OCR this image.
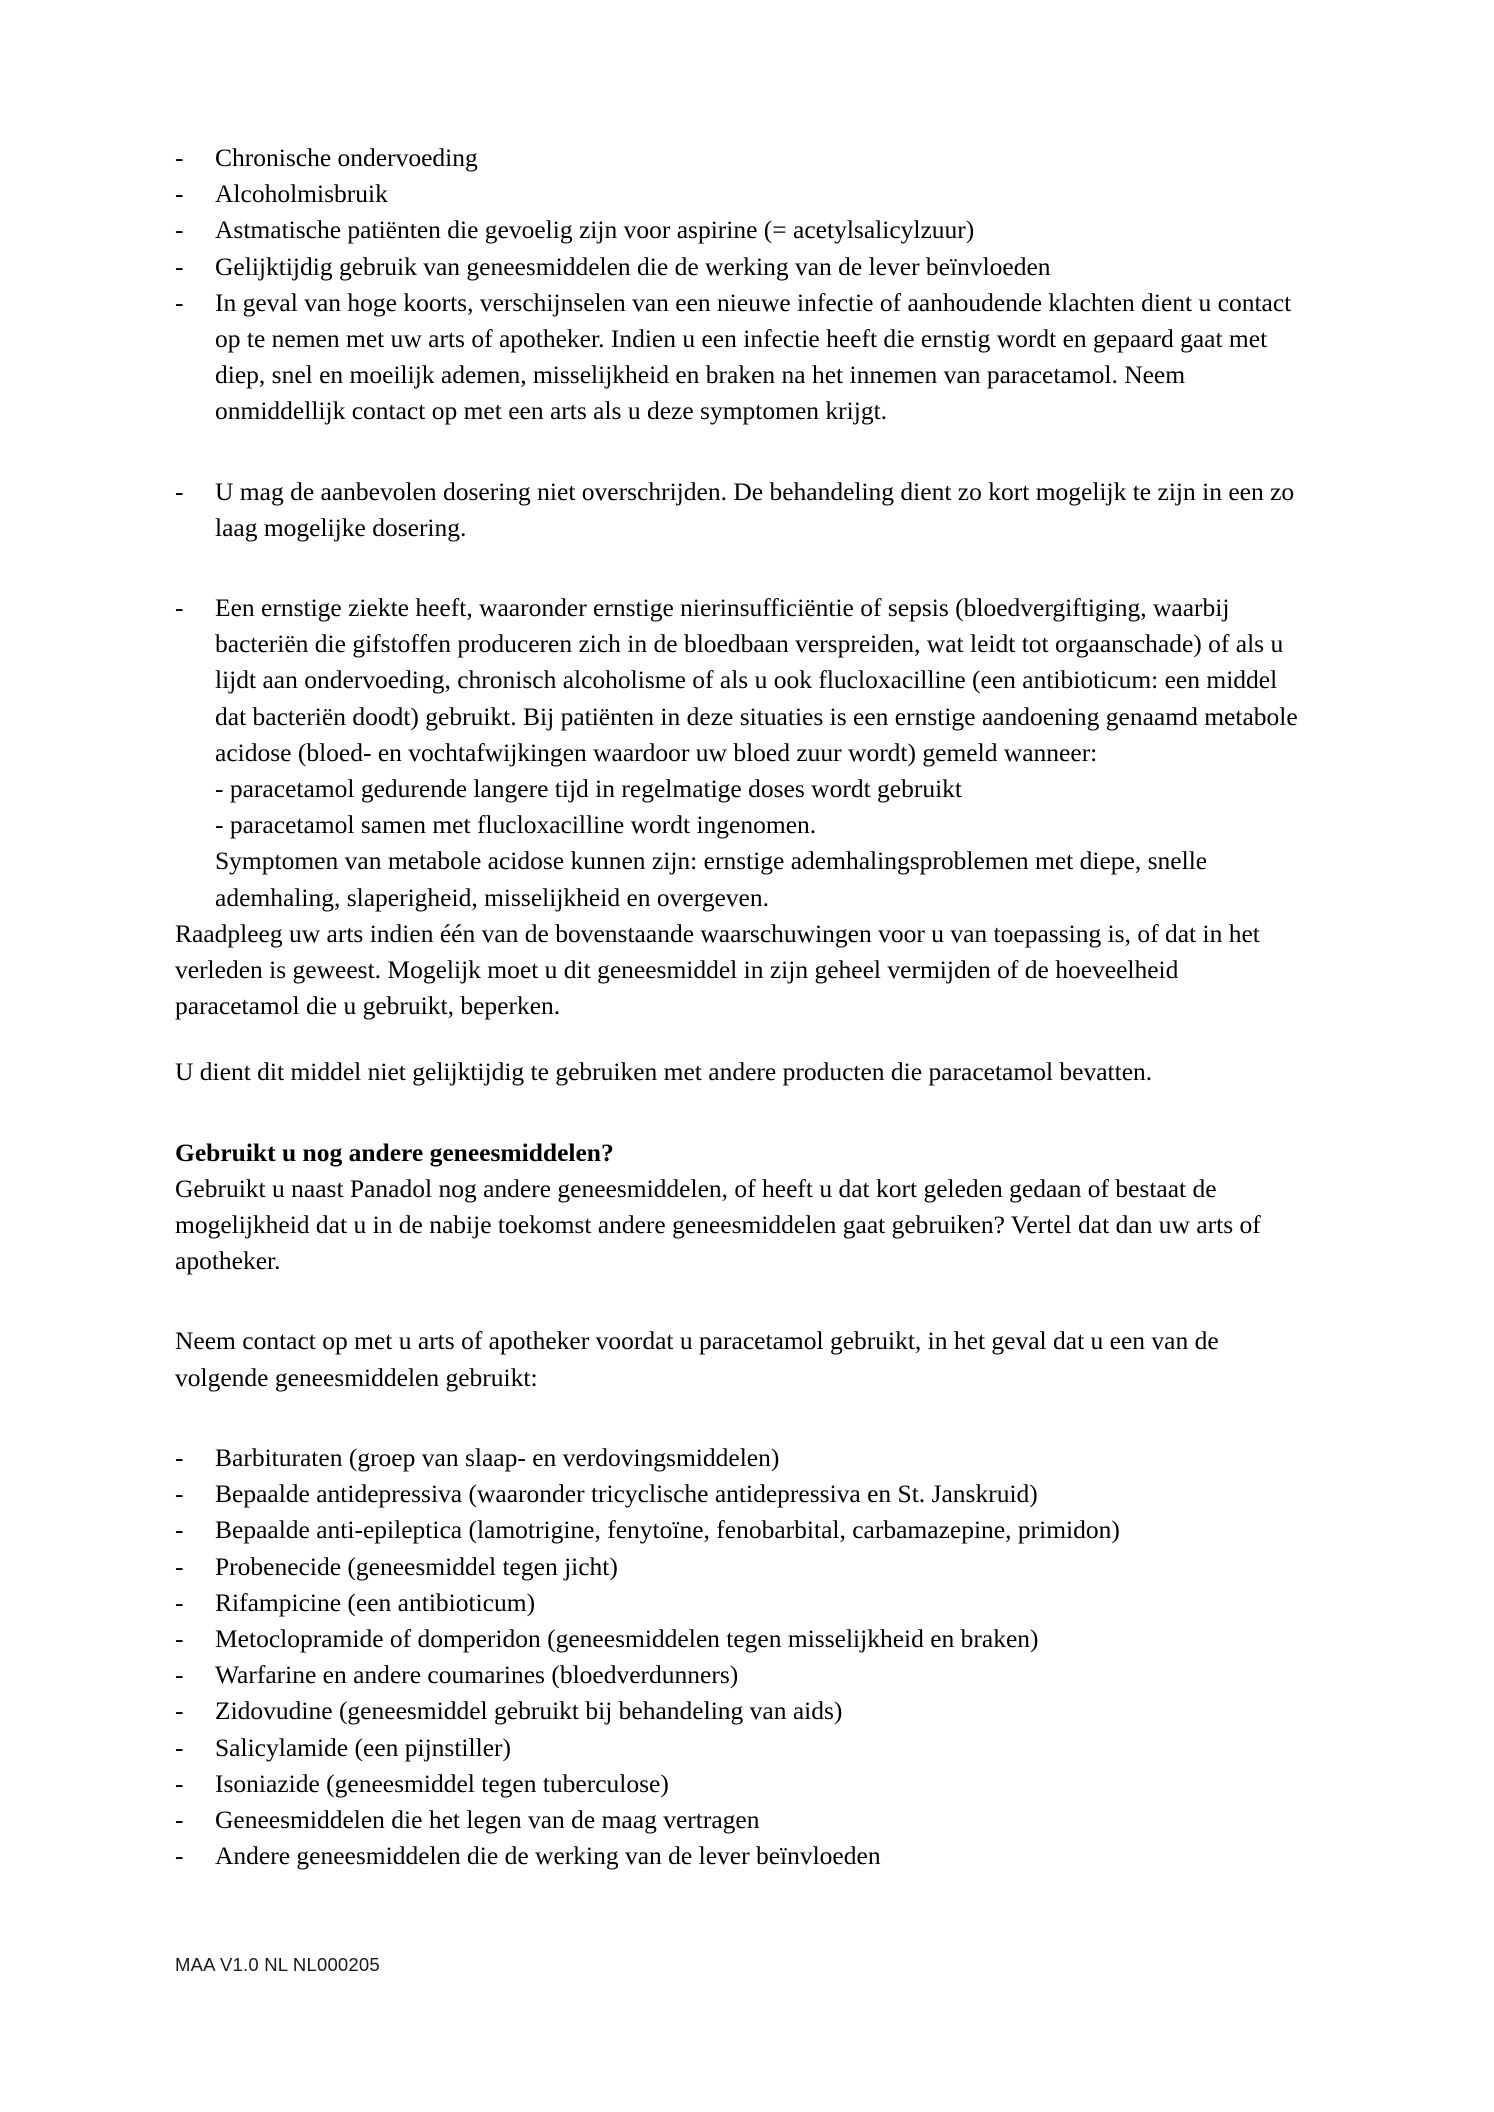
-	Chronische ondervoeding
-	Alcoholmisbruik
-	Astmatische patiënten die gevoelig zijn voor aspirine (= acetylsalicylzuur)
-	Gelijktijdig gebruik van geneesmiddelen die de werking van de lever beïnvloeden
-	In geval van hoge koorts, verschijnselen van een nieuwe infectie of aanhoudende klachten dient u contact op te nemen met uw arts of apotheker. Indien u een infectie heeft die ernstig wordt en gepaard gaat met diep, snel en moeilijk ademen, misselijkheid en braken na het innemen van paracetamol. Neem onmiddellijk contact op met een arts als u deze symptomen krijgt.
-	U mag de aanbevolen dosering niet overschrijden. De behandeling dient zo kort mogelijk te zijn in een zo laag mogelijke dosering.
-	Een ernstige ziekte heeft, waaronder ernstige nierinsufficiëntie of sepsis (bloedvergiftiging, waarbij bacteriën die gifstoffen produceren zich in de bloedbaan verspreiden, wat leidt tot orgaanschade) of als u lijdt aan ondervoeding, chronisch alcoholisme of als u ook flucloxacilline (een antibioticum: een middel dat bacteriën doodt) gebruikt. Bij patiënten in deze situaties is een ernstige aandoening genaamd metabole acidose (bloed- en vochtafwijkingen waardoor uw bloed zuur wordt) gemeld wanneer:
- paracetamol gedurende langere tijd in regelmatige doses wordt gebruikt
- paracetamol samen met flucloxacilline wordt ingenomen.
Symptomen van metabole acidose kunnen zijn: ernstige ademhalingsproblemen met diepe, snelle ademhaling, slaperigheid, misselijkheid en overgeven.

Raadpleeg uw arts indien één van de bovenstaande waarschuwingen voor u van toepassing is, of dat in het verleden is geweest. Mogelijk moet u dit geneesmiddel in zijn geheel vermijden of de hoeveelheid paracetamol die u gebruikt, beperken.

U dient dit middel niet gelijktijdig te gebruiken met andere producten die paracetamol bevatten.

Gebruikt u nog andere geneesmiddelen?

Gebruikt u naast Panadol nog andere geneesmiddelen, of heeft u dat kort geleden gedaan of bestaat de mogelijkheid dat u in de nabije toekomst andere geneesmiddelen gaat gebruiken? Vertel dat dan uw arts of apotheker.

Neem contact op met u arts of apotheker voordat u paracetamol gebruikt, in het geval dat u een van de volgende geneesmiddelen gebruikt:

-	Barbituraten (groep van slaap- en verdovingsmiddelen)
-	Bepaalde antidepressiva (waaronder tricyclische antidepressiva en St. Janskruid)
-	Bepaalde anti-epileptica (lamotrigine, fenytoïne, fenobarbital, carbamazepine, primidon)
-	Probenecide (geneesmiddel tegen jicht)
-	Rifampicine (een antibioticum)
-	Metoclopramide of domperidon (geneesmiddelen tegen misselijkheid en braken)
-	Warfarine en andere coumarines (bloedverdunners)
-	Zidovudine (geneesmiddel gebruikt bij behandeling van aids)
-	Salicylamide (een pijnstiller)
-	Isoniazide (geneesmiddel tegen tuberculose)
-	Geneesmiddelen die het legen van de maag vertragen
-	Andere geneesmiddelen die de werking van de lever beïnvloeden
MAA V1.0 NL NL000205
